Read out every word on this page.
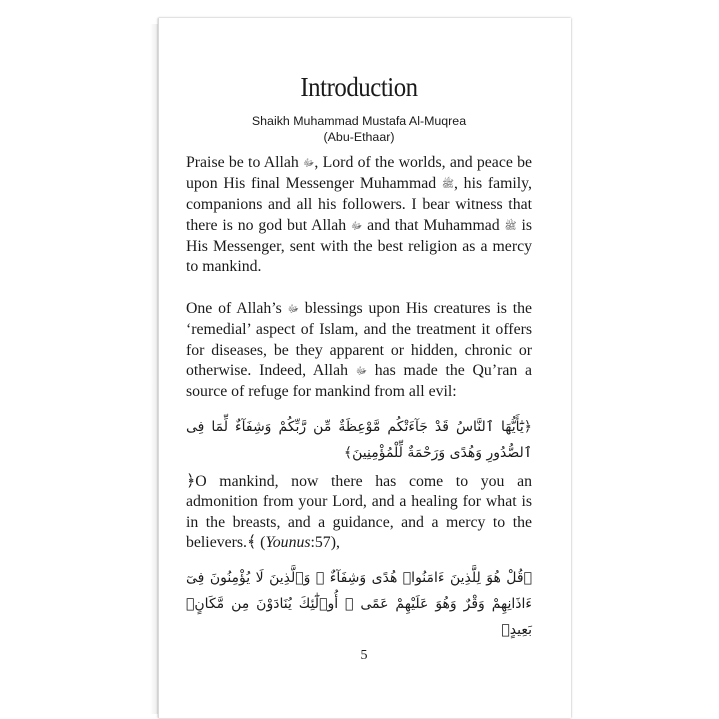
Introduction
Shaikh Muhammad Mustafa Al-Muqrea
(Abu-Ethaar)

Praise be to Allah ﷻ, Lord of the worlds, and peace be upon His final Messenger Muhammad ﷺ, his family, companions and all his followers. I bear witness that there is no god but Allah ﷻ and that Muhammad ﷺ is His Messenger, sent with the best religion as a mercy to mankind.

One of Allah’s ﷻ blessings upon His creatures is the ‘remedial’ aspect of Islam, and the treatment it offers for diseases, be they apparent or hidden, chronic or otherwise. Indeed, Allah ﷻ has made the Qu’ran a source of refuge for mankind from all evil:

﴿يَٰٓأَيُّهَا ٱلنَّاسُ قَدْ جَآءَتْكُم مَّوْعِظَةٌ مِّن رَّبِّكُمْ وَشِفَآءٌ لِّمَا فِى ٱلصُّدُورِ وَهُدًى وَرَحْمَةٌ لِّلْمُؤْمِنِينَ﴾

﴿O mankind, now there has come to you an admonition from your Lord, and a healing for what is in the breasts, and a guidance, and a mercy to the believers.﴾ (Younus:57),

﴿قُلْ هُوَ لِلَّذِينَ ءَامَنُوا۟ هُدًى وَشِفَآءٌ ۖ وَٱلَّذِينَ لَا يُؤْمِنُونَ فِىٓ ءَاذَانِهِمْ وَقْرٌ وَهُوَ عَلَيْهِمْ عَمًى ۚ أُو۟لَٰٓئِكَ يُنَادَوْنَ مِن مَّكَانٍۭ بَعِيدٍ﴾

5
